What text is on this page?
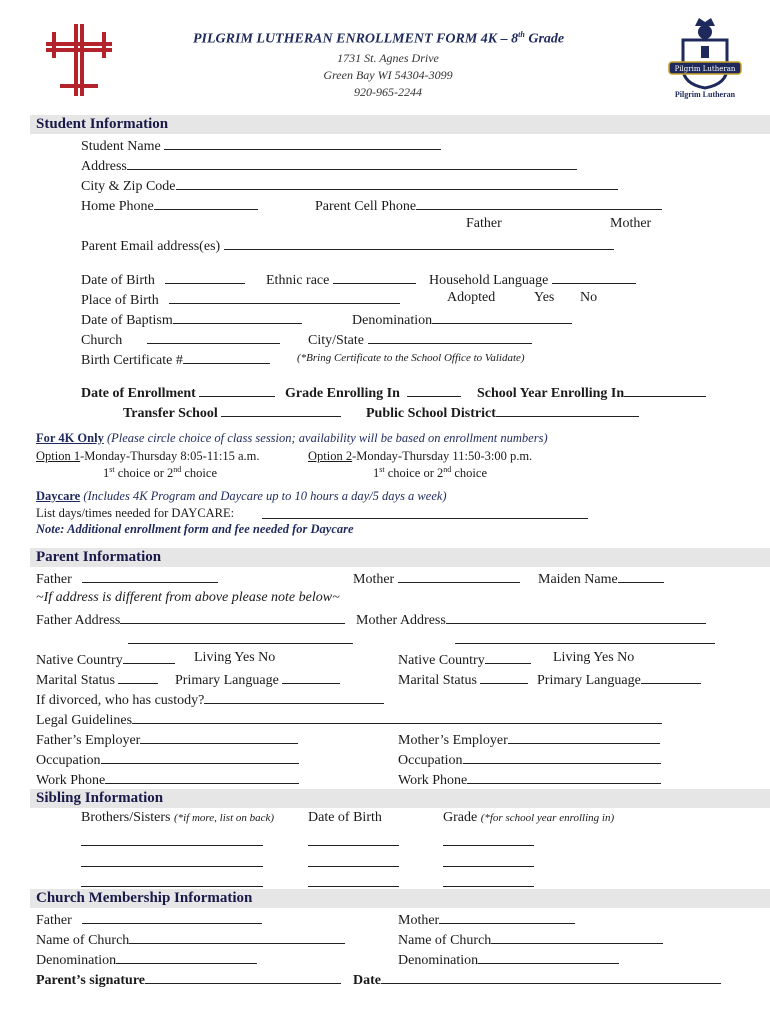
PILGRIM LUTHERAN ENROLLMENT FORM 4K – 8th Grade
1731 St. Agnes Drive
Green Bay WI 54304-3099
920-965-2244
Pilgrim Lutheran
Pilgrim Lutheran
Student Information
Student Name
Address
City & Zip Code
Home Phone	Parent Cell Phone
Father	Mother
Parent Email address(es)
Date of Birth	Ethnic race	Household Language
Place of Birth	Adopted	Yes No
Date of Baptism	Denomination
Church	City/State
Birth Certificate #	(*Bring Certificate to the School Office to Validate)
Date of Enrollment	Grade Enrolling In	School Year Enrolling In
Transfer School	Public School District
For 4K Only (Please circle choice of class session; availability will be based on enrollment numbers)
Option 1-Monday-Thursday 8:05-11:15 a.m.	Option 2-Monday-Thursday 11:50-3:00 p.m.
1st choice or 2nd choice	1st choice or 2nd choice
Daycare (Includes 4K Program and Daycare up to 10 hours a day/5 days a week)
List days/times needed for DAYCARE:
Note: Additional enrollment form and fee needed for Daycare
Parent Information
Father	Mother	Maiden Name
~If address is different from above please note below~
Father Address	Mother Address
Native Country	Living Yes No	Native Country	Living Yes No
Marital Status	Primary Language	Marital Status	Primary Language
If divorced, who has custody?
Legal Guidelines
Father’s Employer	Mother’s Employer
Occupation	Occupation
Work Phone	Work Phone
Sibling Information
Brothers/Sisters (*if more, list on back) Date of Birth	Grade (*for school year enrolling in)
Church Membership Information
Father	Mother
Name of Church	Name of Church
Denomination	Denomination
Parent’s signature	Date
